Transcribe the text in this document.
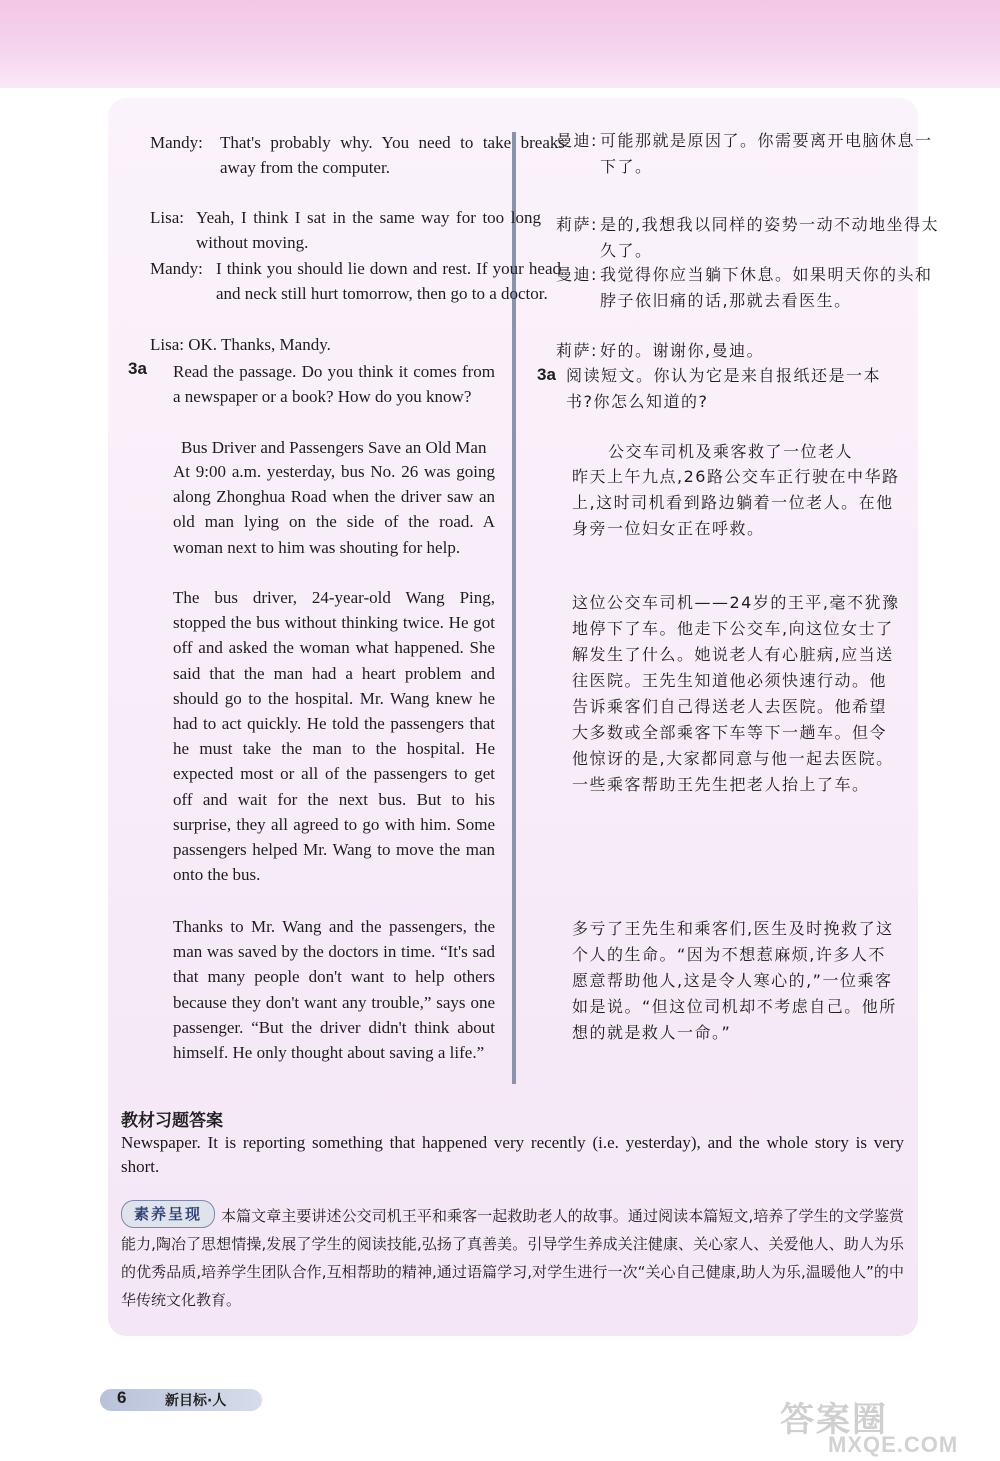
Mandy: That's probably why. You need to take breaks away from the computer.
Lisa: Yeah, I think I sat in the same way for too long without moving.
Mandy: I think you should lie down and rest. If your head and neck still hurt tomorrow, then go to a doctor.
Lisa: OK. Thanks, Mandy.
曼迪: 可能那就是原因了。你需要离开电脑休息一下了。
莉萨: 是的,我想我以同样的姿势一动不动地坐得太久了。
曼迪: 我觉得你应当躺下休息。如果明天你的头和脖子依旧痛的话,那就去看医生。
莉萨: 好的。谢谢你,曼迪。
3a Read the passage. Do you think it comes from a newspaper or a book? How do you know?
3a 阅读短文。你认为它是来自报纸还是一本书?你怎么知道的?
Bus Driver and Passengers Save an Old Man
At 9:00 a.m. yesterday, bus No. 26 was going along Zhonghua Road when the driver saw an old man lying on the side of the road. A woman next to him was shouting for help.
The bus driver, 24-year-old Wang Ping, stopped the bus without thinking twice. He got off and asked the woman what happened. She said that the man had a heart problem and should go to the hospital. Mr. Wang knew he had to act quickly. He told the passengers that he must take the man to the hospital. He expected most or all of the passengers to get off and wait for the next bus. But to his surprise, they all agreed to go with him. Some passengers helped Mr. Wang to move the man onto the bus.
Thanks to Mr. Wang and the passengers, the man was saved by the doctors in time. “It's sad that many people don't want to help others because they don't want any trouble,” says one passenger. “But the driver didn't think about himself. He only thought about saving a life.”
公交车司机及乘客救了一位老人
昨天上午九点,26路公交车正行驶在中华路上,这时司机看到路边躺着一位老人。在他身旁一位妇女正在呼救。
这位公交车司机——24岁的王平,毫不犹豫地停下了车。他走下公交车,向这位女士了解发生了什么。她说老人有心脏病,应当送往医院。王先生知道他必须快速行动。他告诉乘客们自己得送老人去医院。他希望大多数或全部乘客下车等下一趟车。但令他惊讶的是,大家都同意与他一起去医院。一些乘客帮助王先生把老人抬上了车。
多亏了王先生和乘客们,医生及时挽救了这个人的生命。“因为不想惹麻烦,许多人不愿意帮助他人,这是令人寒心的,”一位乘客如是说。“但这位司机却不考虑自己。他所想的就是救人一命。”
教材习题答案
Newspaper. It is reporting something that happened very recently (i.e. yesterday), and the whole story is very short.
本篇文章主要讲述公交司机王平和乘客一起救助老人的故事。通过阅读本篇短文,培养了学生的文学鉴赏能力,陶冶了思想情操,发展了学生的阅读技能,弘扬了真善美。引导学生养成关注健康、关心家人、关爱他人、助人为乐的优秀品质,培养学生团队合作,互相帮助的精神,通过语篇学习,对学生进行一次“关心自己健康,助人为乐,温暖他人”的中华传统文化教育。
素养呈现
6	新目标·人	答案圈
MXQE.COM
